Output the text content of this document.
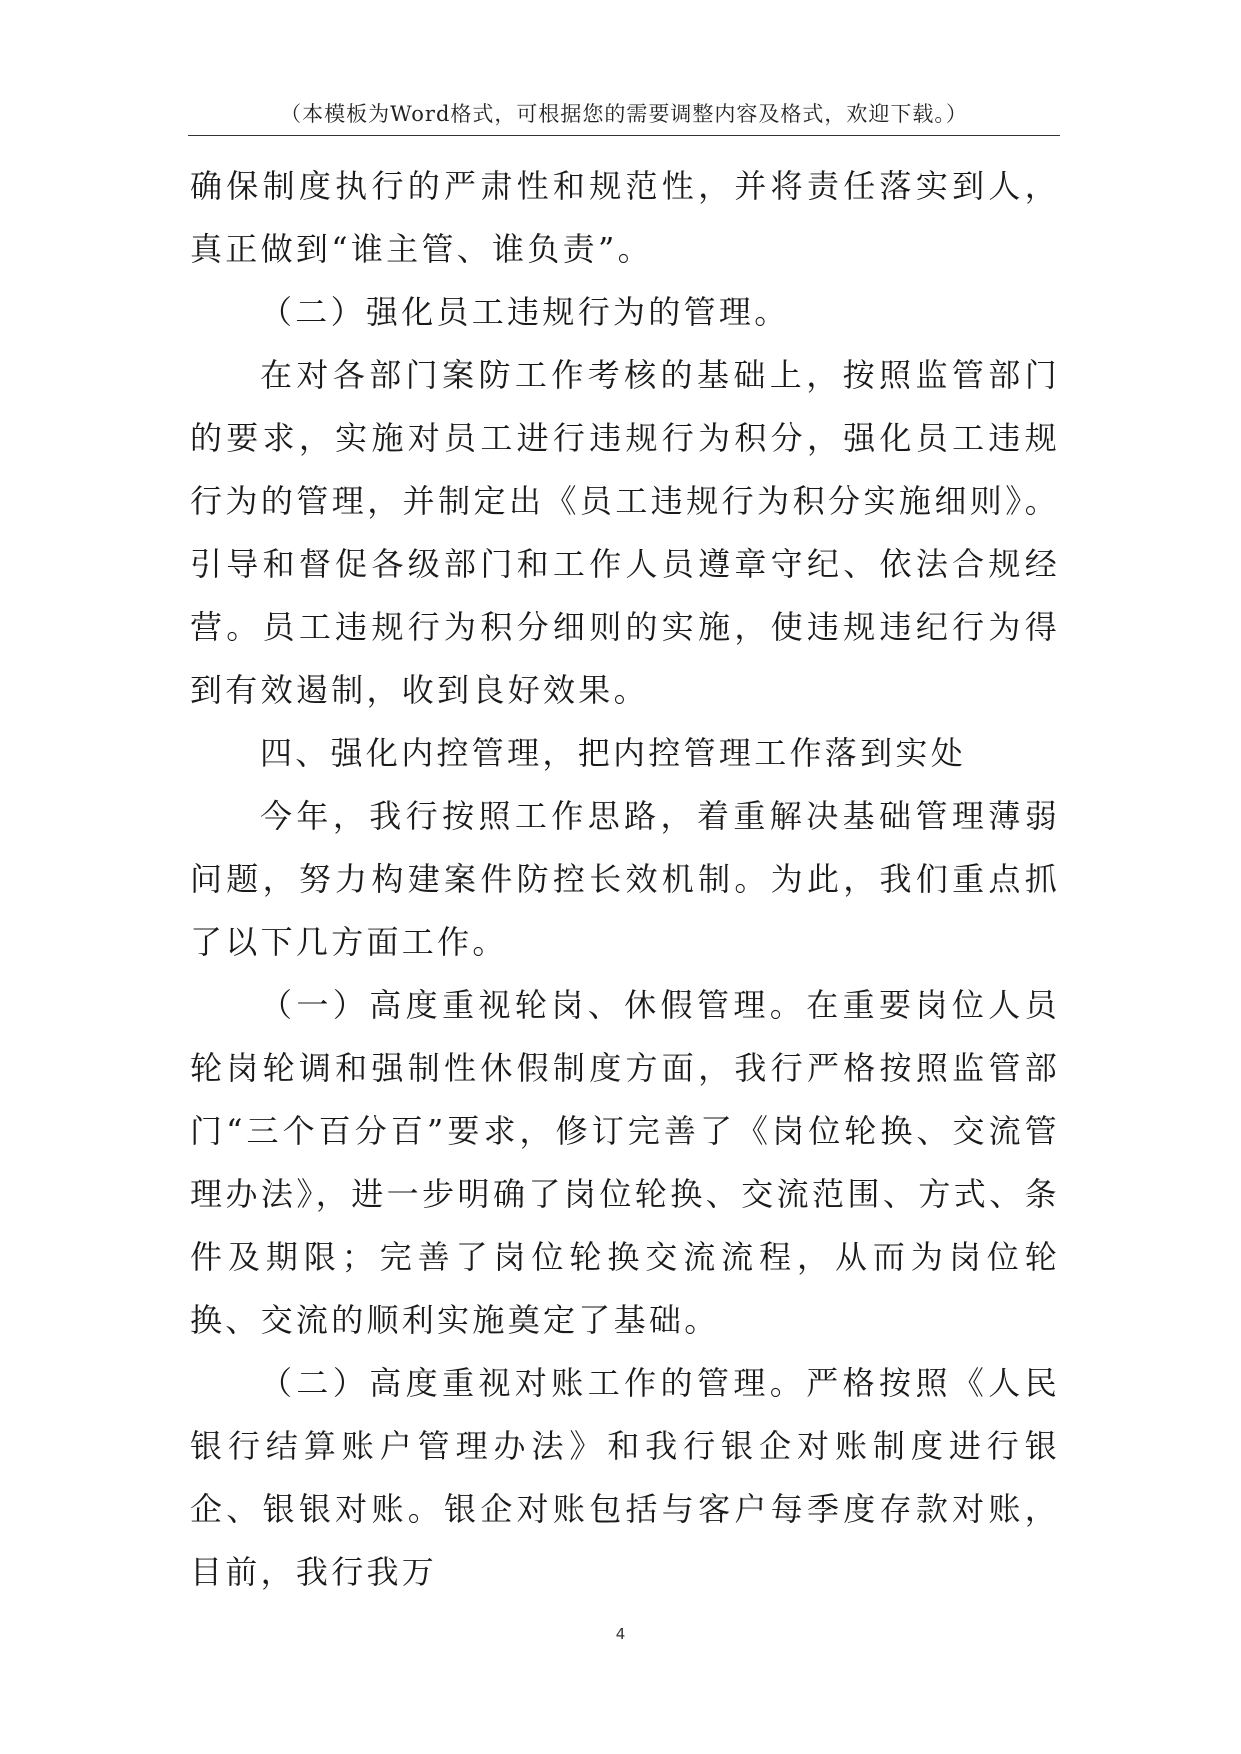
（本模板为Word格式，可根据您的需要调整内容及格式，欢迎下载。）

确保制度执行的严肃性和规范性，并将责任落实到人，真正做到“谁主管、谁负责”。

（二）强化员工违规行为的管理。

在对各部门案防工作考核的基础上，按照监管部门的要求，实施对员工进行违规行为积分，强化员工违规行为的管理，并制定出《员工违规行为积分实施细则》。引导和督促各级部门和工作人员遵章守纪、依法合规经营。员工违规行为积分细则的实施，使违规违纪行为得到有效遏制，收到良好效果。

四、强化内控管理，把内控管理工作落到实处

今年，我行按照工作思路，着重解决基础管理薄弱问题，努力构建案件防控长效机制。为此，我们重点抓了以下几方面工作。

（一）高度重视轮岗、休假管理。在重要岗位人员轮岗轮调和强制性休假制度方面，我行严格按照监管部门“三个百分百”要求，修订完善了《岗位轮换、交流管理办法》，进一步明确了岗位轮换、交流范围、方式、条件及期限；完善了岗位轮换交流流程，从而为岗位轮换、交流的顺利实施奠定了基础。

（二）高度重视对账工作的管理。严格按照《人民银行结算账户管理办法》和我行银企对账制度进行银企、银银对账。银企对账包括与客户每季度存款对账，目前，我行我万

4
